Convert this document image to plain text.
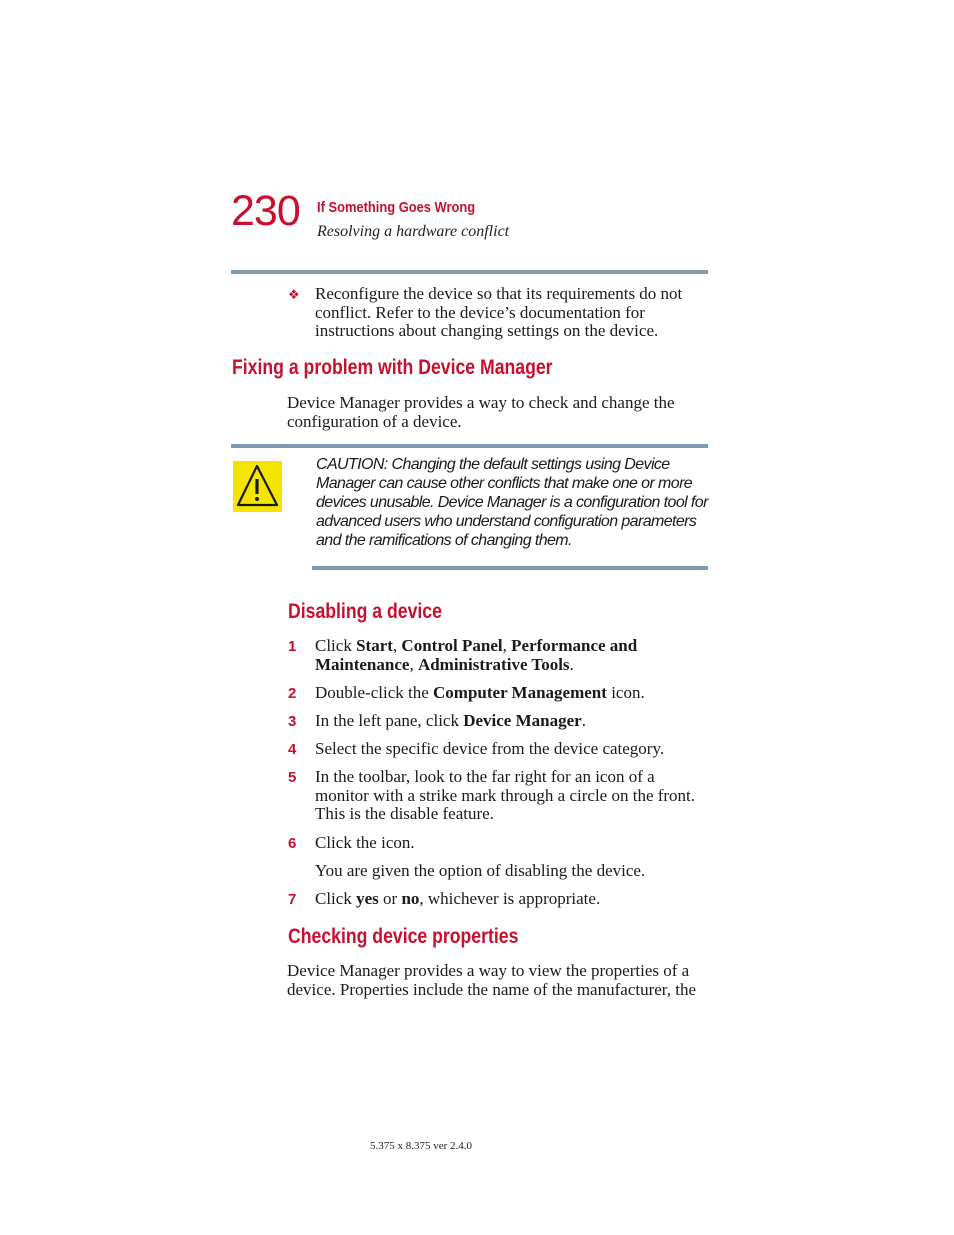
230 If Something Goes Wrong
Resolving a hardware conflict
❖ Reconfigure the device so that its requirements do not conflict. Refer to the device’s documentation for instructions about changing settings on the device.
Fixing a problem with Device Manager
Device Manager provides a way to check and change the configuration of a device.
CAUTION: Changing the default settings using Device Manager can cause other conflicts that make one or more devices unusable. Device Manager is a configuration tool for advanced users who understand configuration parameters and the ramifications of changing them.
Disabling a device
1 Click Start, Control Panel, Performance and Maintenance, Administrative Tools.
2 Double-click the Computer Management icon.
3 In the left pane, click Device Manager.
4 Select the specific device from the device category.
5 In the toolbar, look to the far right for an icon of a monitor with a strike mark through a circle on the front. This is the disable feature.
6 Click the icon.
You are given the option of disabling the device.
7 Click yes or no, whichever is appropriate.
Checking device properties
Device Manager provides a way to view the properties of a device. Properties include the name of the manufacturer, the
5.375 x 8.375 ver 2.4.0
